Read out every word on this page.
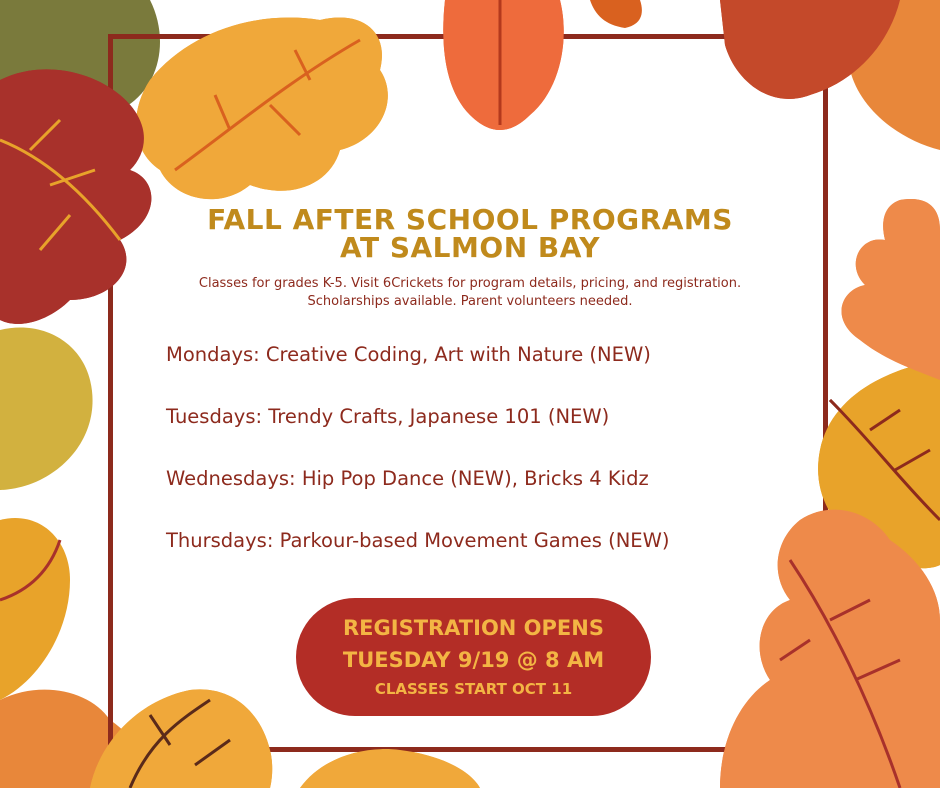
FALL AFTER SCHOOL PROGRAMS
AT SALMON BAY

Classes for grades K-5. Visit 6Crickets for program details, pricing, and registration.

Scholarships available. Parent volunteers needed.

Mondays: Creative Coding, Art with Nature (NEW)

Tuesdays: Trendy Crafts, Japanese 101 (NEW)

Wednesdays: Hip Pop Dance (NEW), Bricks 4 Kidz

Thursdays: Parkour-based Movement Games (NEW)

REGISTRATION OPENS

TUESDAY 9/19 @ 8 AM

CLASSES START OCT 11
